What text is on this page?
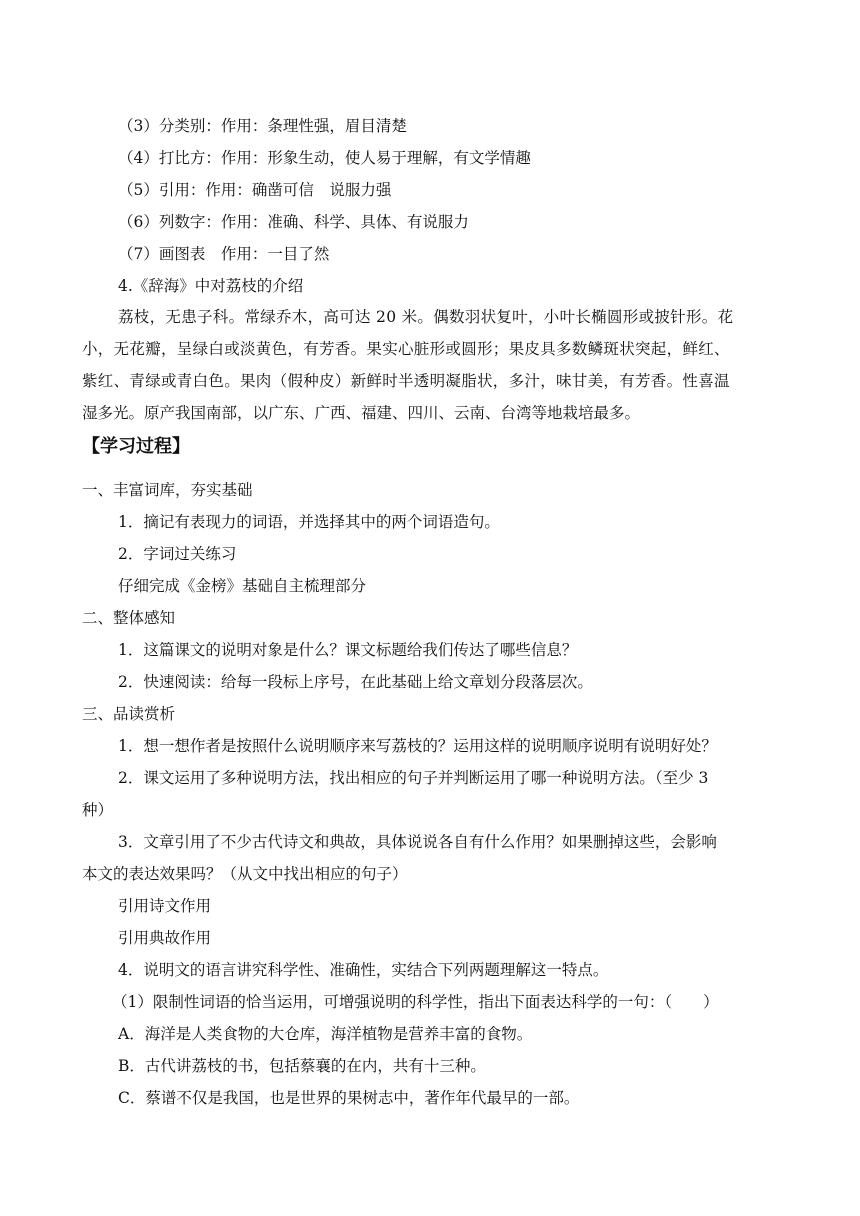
（3）分类别：作用：条理性强，眉目清楚
（4）打比方：作用：形象生动，使人易于理解，有文学情趣
（5）引用：作用：确凿可信　说服力强
（6）列数字：作用：准确、科学、具体、有说服力
（7）画图表　作用：一目了然
4.《辞海》中对荔枝的介绍
荔枝，无患子科。常绿乔木，高可达 20 米。偶数羽状复叶，小叶长椭圆形或披针形。花
小，无花瓣，呈绿白或淡黄色，有芳香。果实心脏形或圆形；果皮具多数鳞斑状突起，鲜红、
紫红、青绿或青白色。果肉（假种皮）新鲜时半透明凝脂状，多汁，味甘美，有芳香。性喜温
湿多光。原产我国南部，以广东、广西、福建、四川、云南、台湾等地栽培最多。
【学习过程】
一、丰富词库，夯实基础
1．摘记有表现力的词语，并选择其中的两个词语造句。
2．字词过关练习
仔细完成《金榜》基础自主梳理部分
二、整体感知
1．这篇课文的说明对象是什么？课文标题给我们传达了哪些信息？
2．快速阅读：给每一段标上序号，在此基础上给文章划分段落层次。
三、品读赏析
1．想一想作者是按照什么说明顺序来写荔枝的？运用这样的说明顺序说明有说明好处？
2．课文运用了多种说明方法，找出相应的句子并判断运用了哪一种说明方法。（至少 3
种）
3．文章引用了不少古代诗文和典故，具体说说各自有什么作用？如果删掉这些，会影响
本文的表达效果吗？（从文中找出相应的句子）
引用诗文作用
引用典故作用
4．说明文的语言讲究科学性、准确性，实结合下列两题理解这一特点。
（1）限制性词语的恰当运用，可增强说明的科学性，指出下面表达科学的一句：（　　）
A．海洋是人类食物的大仓库，海洋植物是营养丰富的食物。
B．古代讲荔枝的书，包括蔡襄的在内，共有十三种。
C．蔡谱不仅是我国，也是世界的果树志中，著作年代最早的一部。
